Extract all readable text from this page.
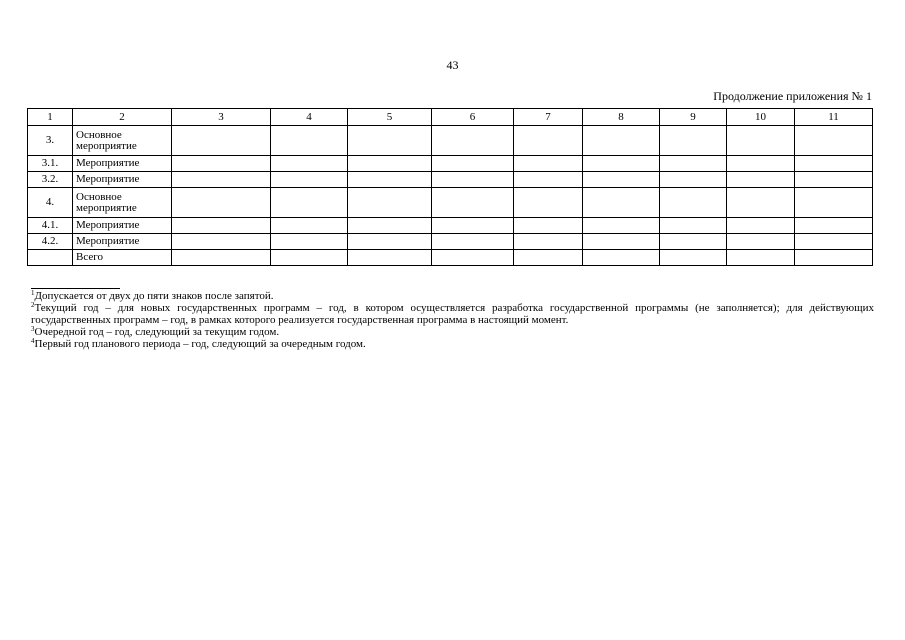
43
Продолжение приложения № 1
1	2	3	4	5	6	7	8	9	10	11
3.	Основное мероприятие									
3.1.	Мероприятие									
3.2.	Мероприятие									
4.	Основное мероприятие									
4.1.	Мероприятие									
4.2.	Мероприятие									
	Всего									

$^1$Допускается от двух до пяти знаков после запятой.

$^2$Текущий год – для новых государственных программ – год, в котором осуществляется разработка государственной программы (не заполняется); для действующих государственных программ – год, в рамках которого реализуется государственная программа в настоящий момент.

$^3$Очередной год – год, следующий за текущим годом.

$^4$Первый год планового периода – год, следующий за очередным годом.
